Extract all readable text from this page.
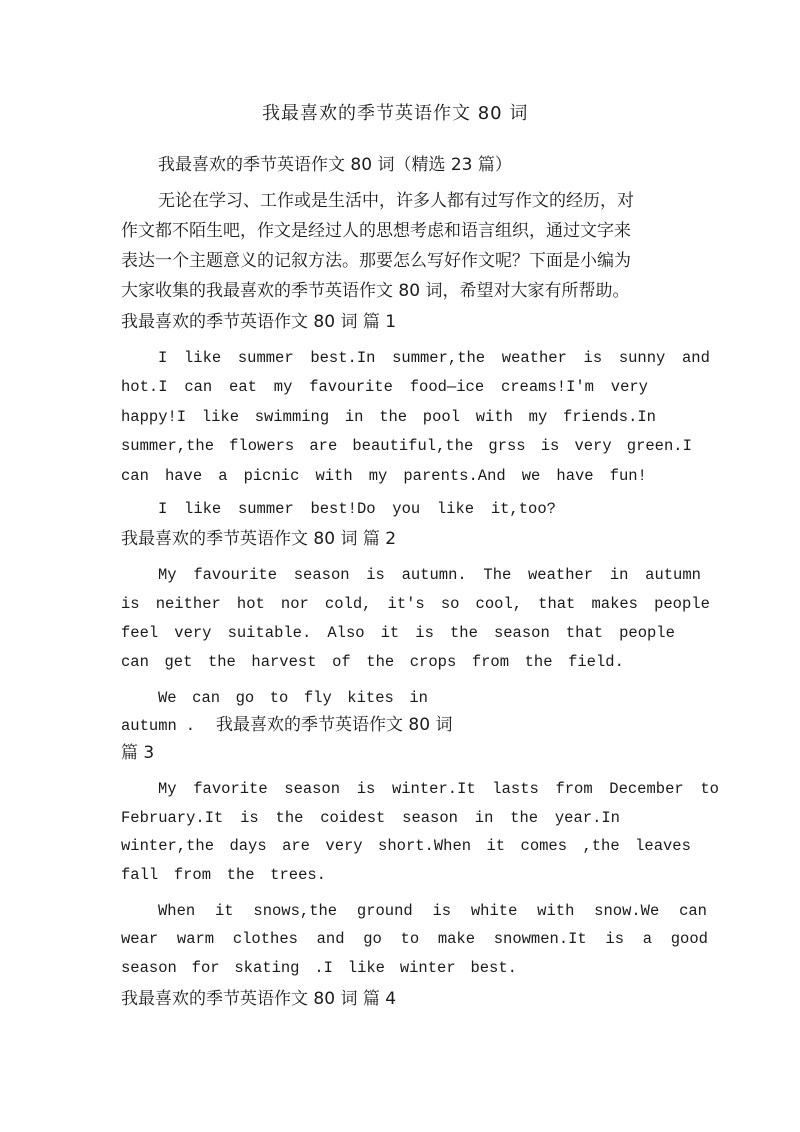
我最喜欢的季节英语作文 80 词

我最喜欢的季节英语作文 80 词（精选 23 篇）

无论在学习、工作或是生活中，许多人都有过写作文的经历，对

作文都不陌生吧，作文是经过人的思想考虑和语言组织，通过文字来

表达一个主题意义的记叙方法。那要怎么写好作文呢？下面是小编为

大家收集的我最喜欢的季节英语作文 80 词，希望对大家有所帮助。

我最喜欢的季节英语作文 80 词 篇 1

I like summer best.In summer,the weather is sunny and
hot.I can eat my favourite food—ice creams!I'm very
happy!I like swimming in the pool with my friends.In
summer,the flowers are beautiful,the grss is very green.I
can have a picnic with my parents.And we have fun!
I like summer best!Do you like it,too?

我最喜欢的季节英语作文 80 词 篇 2

My favourite season is autumn. The weather in autumn
is neither hot nor cold, it's so cool, that makes people
feel very suitable. Also it is the season that people
can get the harvest of the crops from the field.
We can go to fly kites in
autumn . 我最喜欢的季节英语作文 80 词

篇 3

My favorite season is winter.It lasts from December to
February.It is the coidest season in the year.In
winter,the days are very short.When it comes ,the leaves
fall from the trees.
When it snows,the ground is white with snow.We can
wear warm clothes and go to make snowmen.It is a good
season for skating .I like winter best.

我最喜欢的季节英语作文 80 词 篇 4
